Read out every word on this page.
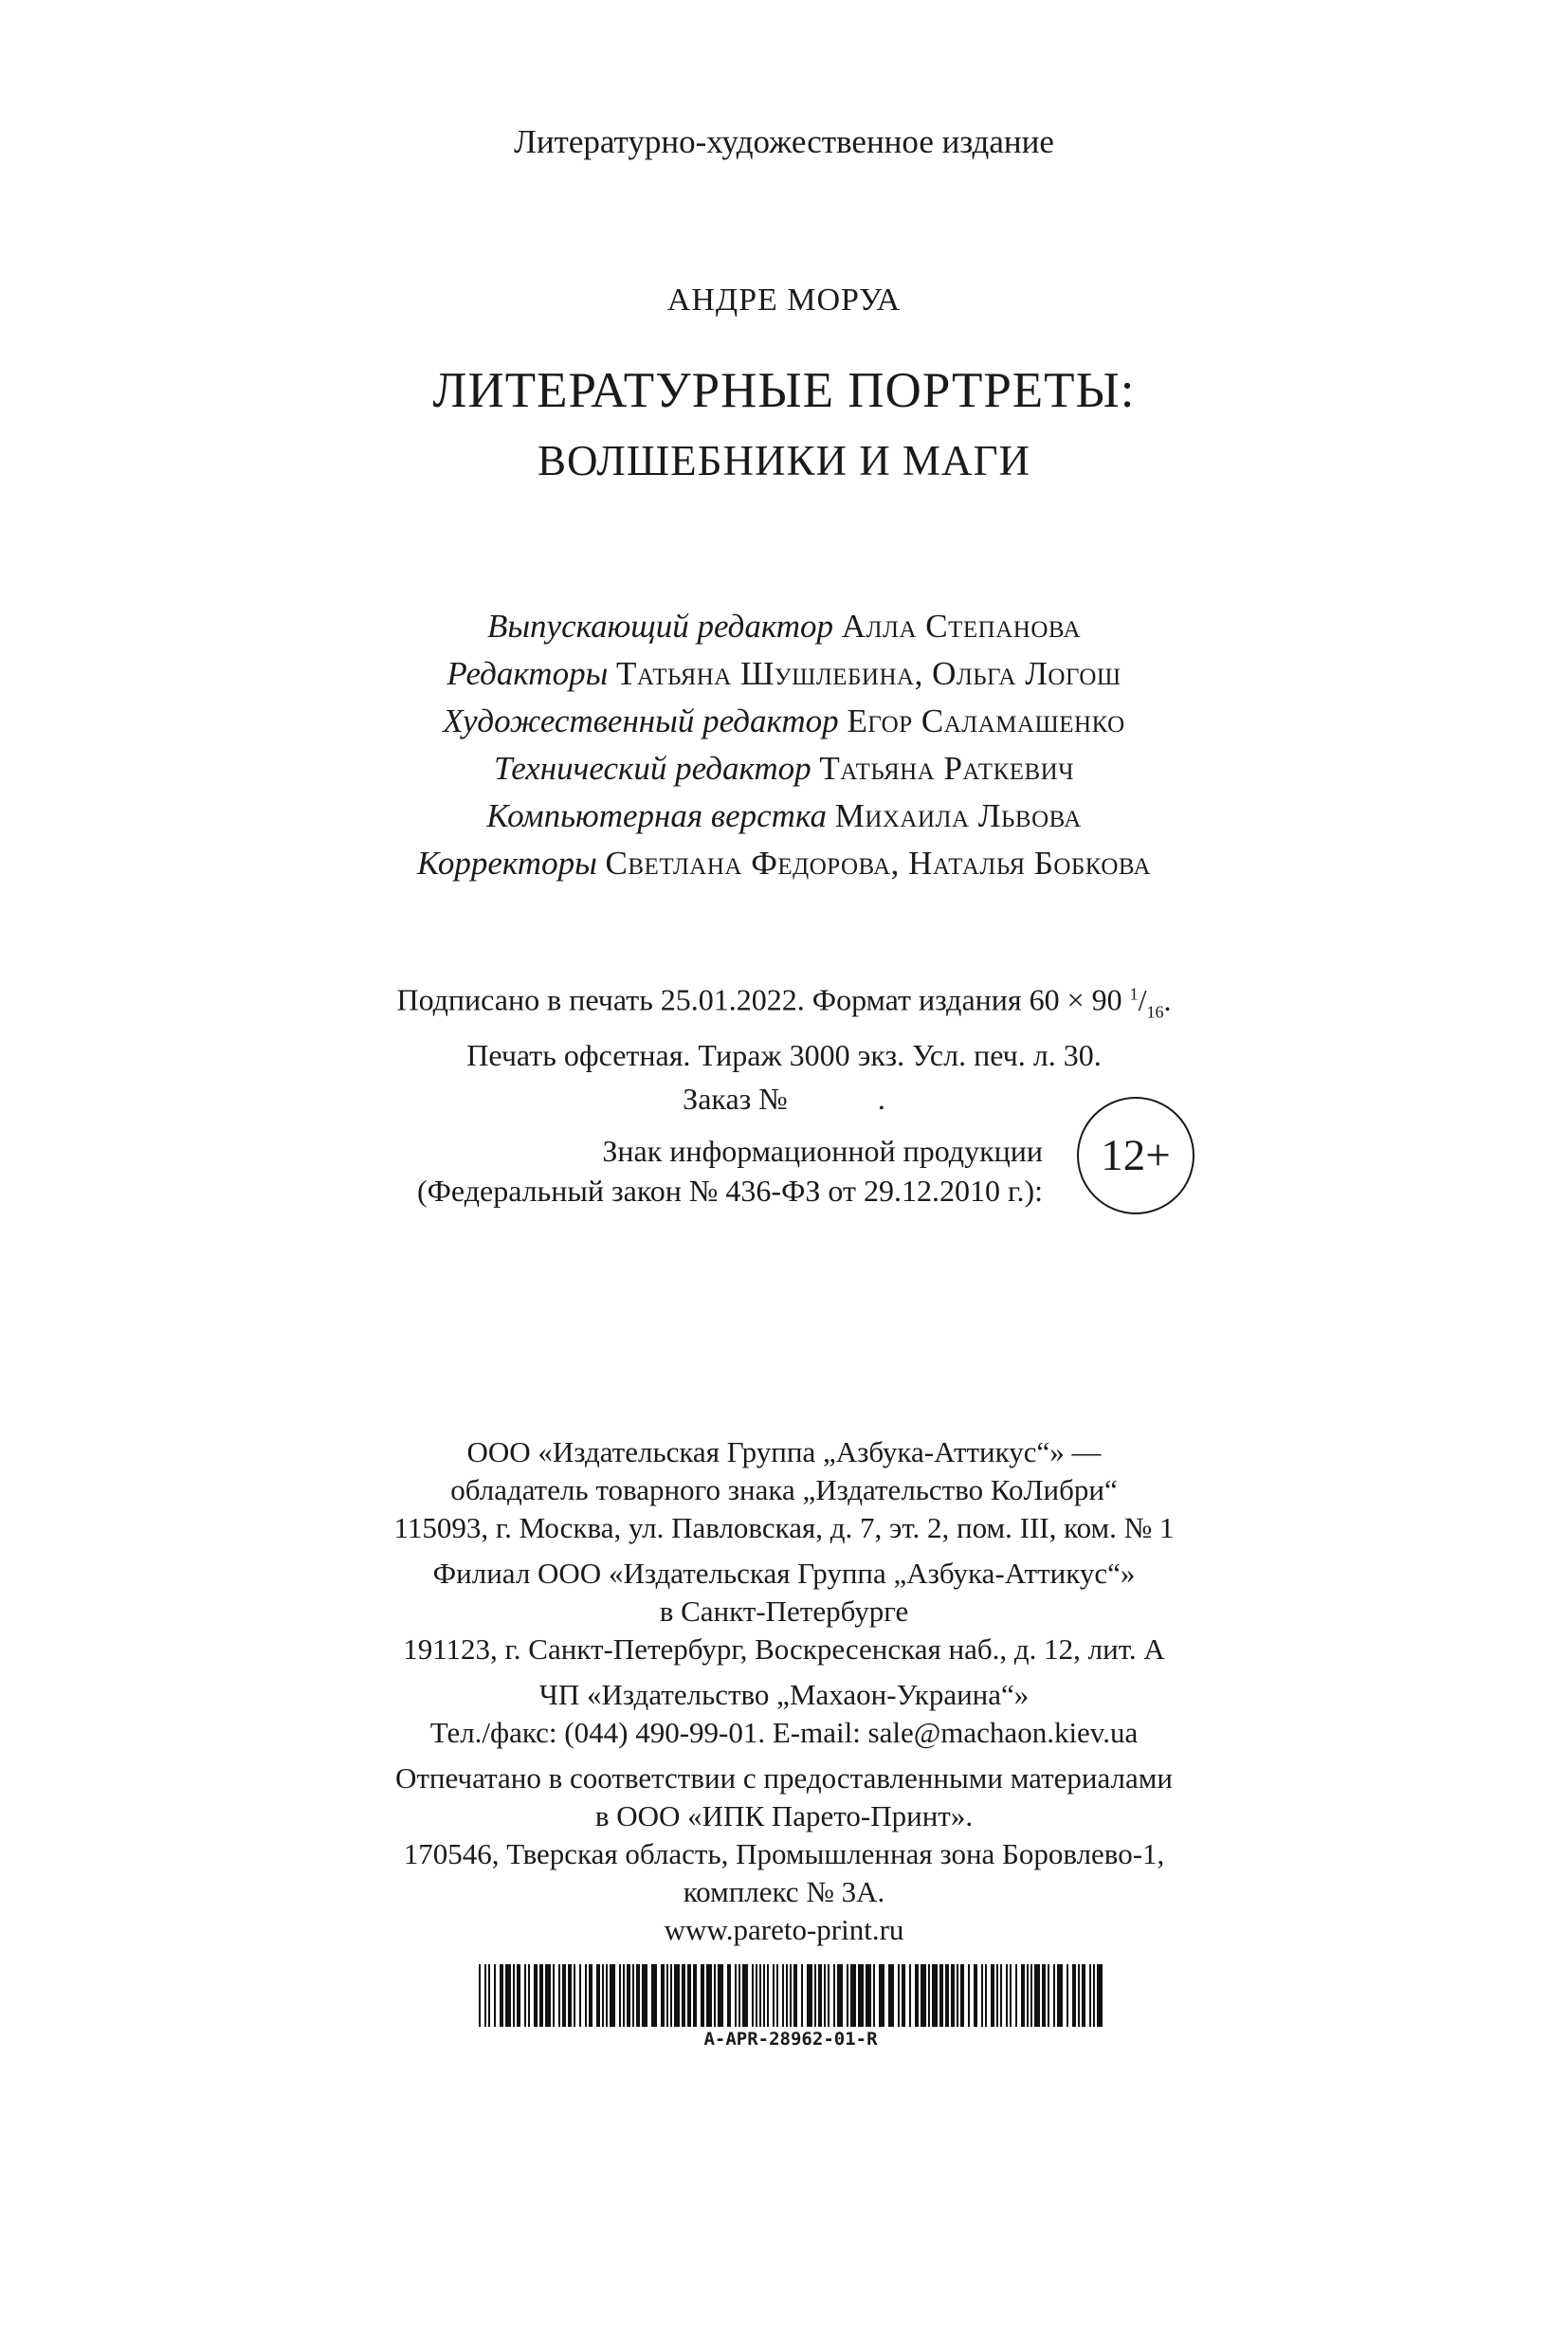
Литературно-художественное издание
АНДРЕ МОРУА
ЛИТЕРАТУРНЫЕ ПОРТРЕТЫ:
ВОЛШЕБНИКИ И МАГИ
Выпускающий редактор Алла Степанова
Редакторы Татьяна Шушлебина, Ольга Логош
Художественный редактор Егор Саламашенко
Технический редактор Татьяна Раткевич
Компьютерная верстка Михаила Львова
Корректоры Светлана Федорова, Наталья Бобкова
Подписано в печать 25.01.2022. Формат издания 60 × 90 $^1/_{16}$.
Печать офсетная. Тираж 3000 экз. Усл. печ. л. 30.
Заказ №	.
Знак информационной продукции
(Федеральный закон № 436-ФЗ от 29.12.2010 г.):
12+
ООО «Издательская Группа „Азбука-Аттикус“» —
обладатель товарного знака „Издательство КоЛибри“
115093, г. Москва, ул. Павловская, д. 7, эт. 2, пом. III, ком. № 1
Филиал ООО «Издательская Группа „Азбука-Аттикус“»
в Санкт-Петербурге
191123, г. Санкт-Петербург, Воскресенская наб., д. 12, лит. А
ЧП «Издательство „Махаон-Украина“»
Тел./факс: (044) 490-99-01. E-mail: sale@machaon.kiev.ua
Отпечатано в соответствии с предоставленными материалами
в ООО «ИПК Парето-Принт».
170546, Тверская область, Промышленная зона Боровлево-1,
комплекс № 3А.
www.pareto-print.ru
A-APR-28962-01-R
